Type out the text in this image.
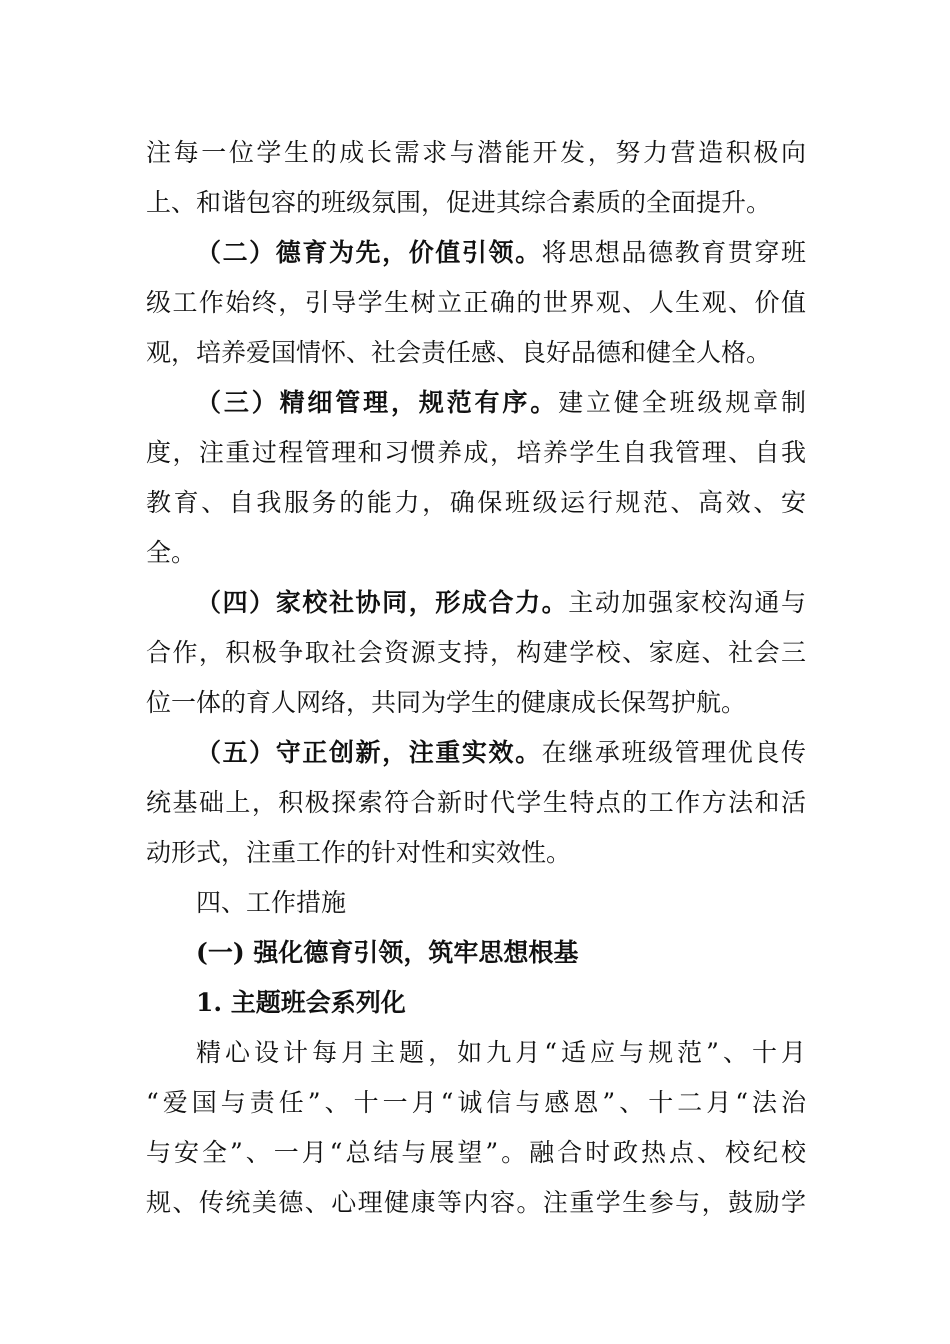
注每一位学生的成长需求与潜能开发，努力营造积极向
上、和谐包容的班级氛围，促进其综合素质的全面提升。
（二）德育为先，价值引领。将思想品德教育贯穿班
级工作始终，引导学生树立正确的世界观、人生观、价值
观，培养爱国情怀、社会责任感、良好品德和健全人格。
（三）精细管理，规范有序。建立健全班级规章制
度，注重过程管理和习惯养成，培养学生自我管理、自我
教育、自我服务的能力，确保班级运行规范、高效、安
全。
（四）家校社协同，形成合力。主动加强家校沟通与
合作，积极争取社会资源支持，构建学校、家庭、社会三
位一体的育人网络，共同为学生的健康成长保驾护航。
（五）守正创新，注重实效。在继承班级管理优良传
统基础上，积极探索符合新时代学生特点的工作方法和活
动形式，注重工作的针对性和实效性。
四、工作措施
(一) 强化德育引领，筑牢思想根基
1. 主题班会系列化
精心设计每月主题，如九月“适应与规范”、十月
“爱国与责任”、十一月“诚信与感恩”、十二月“法治
与安全”、一月“总结与展望”。融合时政热点、校纪校
规、传统美德、心理健康等内容。注重学生参与，鼓励学
